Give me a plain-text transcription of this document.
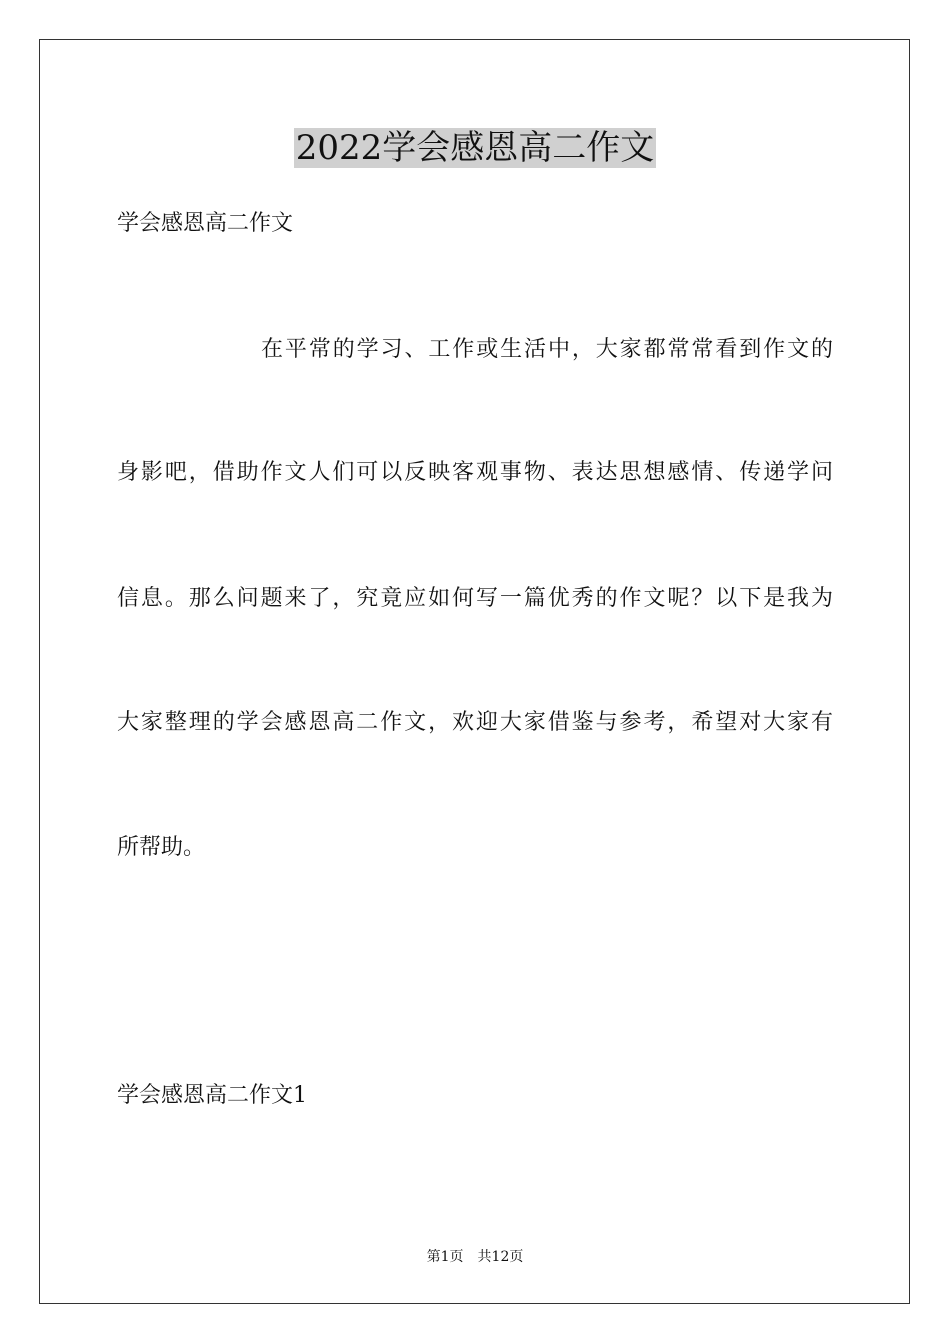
2022学会感恩高二作文
学会感恩高二作文
在平常的学习、工作或生活中，大家都常常看到作文的
身影吧，借助作文人们可以反映客观事物、表达思想感情、传递学问
信息。那么问题来了，究竟应如何写一篇优秀的作文呢？以下是我为
大家整理的学会感恩高二作文，欢迎大家借鉴与参考，希望对大家有
所帮助。
学会感恩高二作文1
第1页　共12页
